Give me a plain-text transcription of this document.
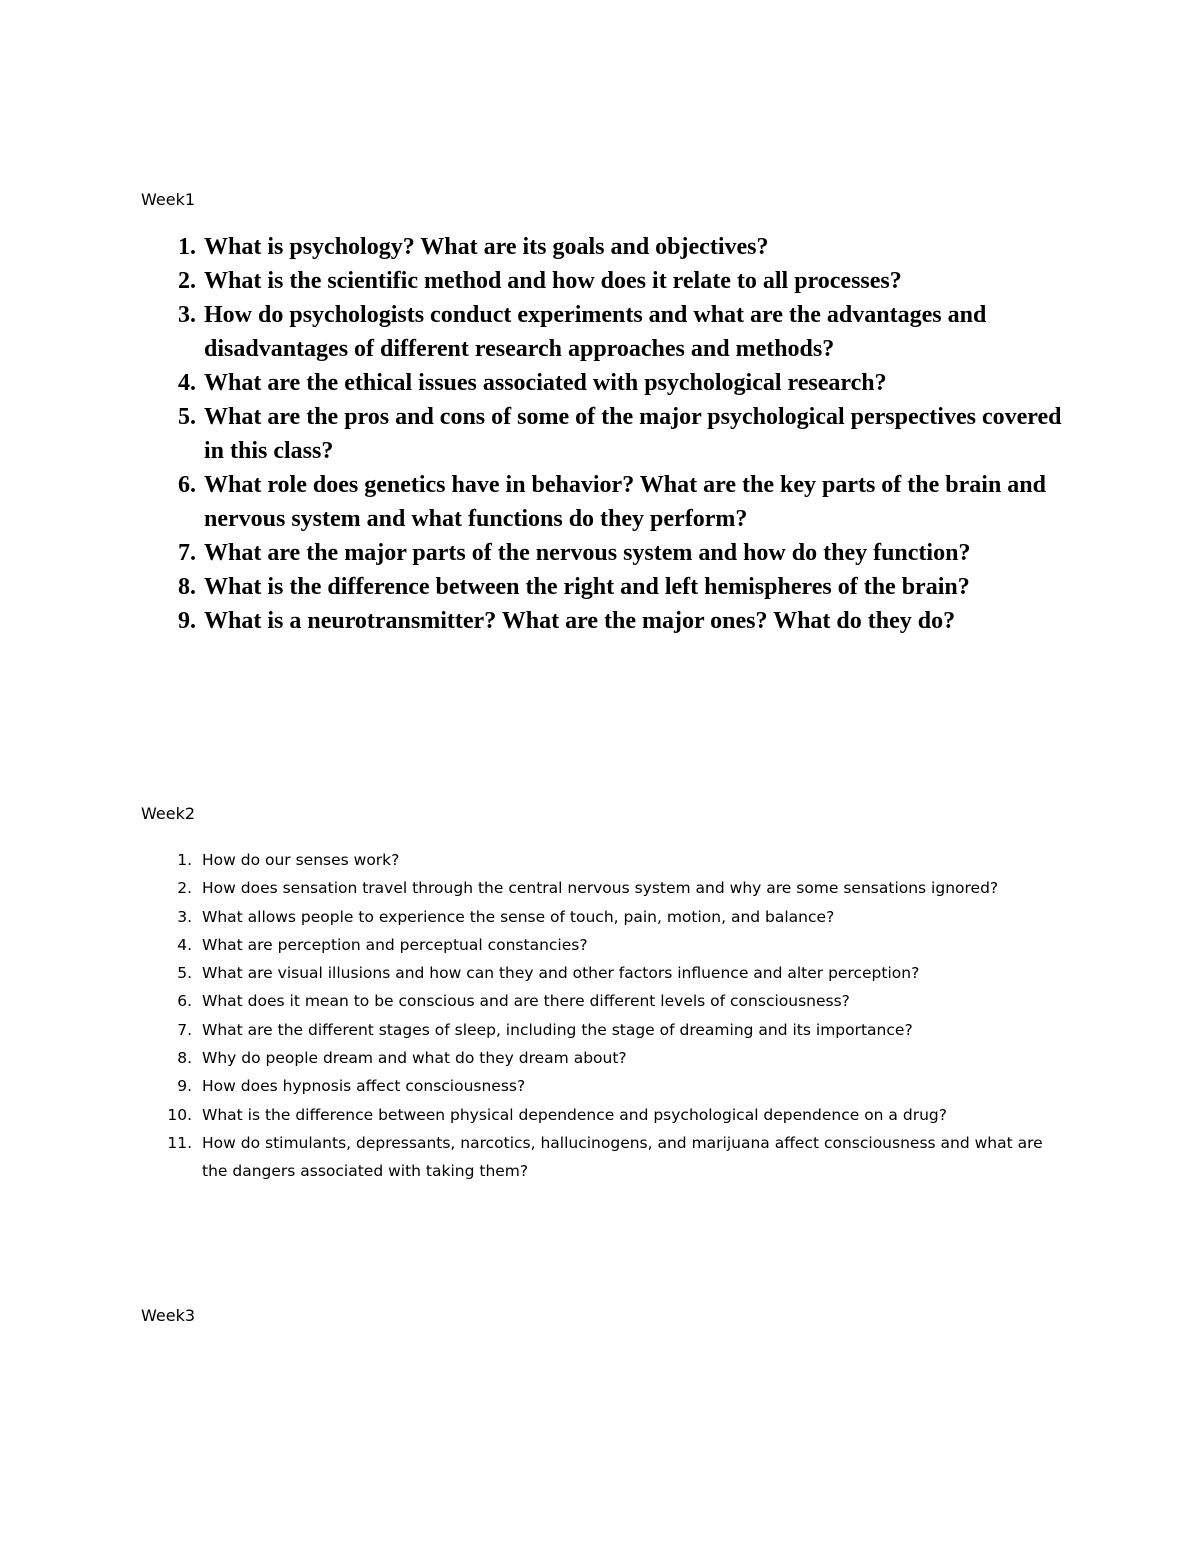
Week1
1. What is psychology? What are its goals and objectives?
2. What is the scientific method and how does it relate to all processes?
3. How do psychologists conduct experiments and what are the advantages and disadvantages of different research approaches and methods?
4. What are the ethical issues associated with psychological research?
5. What are the pros and cons of some of the major psychological perspectives covered in this class?
6. What role does genetics have in behavior? What are the key parts of the brain and nervous system and what functions do they perform?
7. What are the major parts of the nervous system and how do they function?
8. What is the difference between the right and left hemispheres of the brain?
9. What is a neurotransmitter? What are the major ones? What do they do?
Week2
1. How do our senses work?
2. How does sensation travel through the central nervous system and why are some sensations ignored?
3. What allows people to experience the sense of touch, pain, motion, and balance?
4. What are perception and perceptual constancies?
5. What are visual illusions and how can they and other factors influence and alter perception?
6. What does it mean to be conscious and are there different levels of consciousness?
7. What are the different stages of sleep, including the stage of dreaming and its importance?
8. Why do people dream and what do they dream about?
9. How does hypnosis affect consciousness?
10. What is the difference between physical dependence and psychological dependence on a drug?
11. How do stimulants, depressants, narcotics, hallucinogens, and marijuana affect consciousness and what are the dangers associated with taking them?
Week3
